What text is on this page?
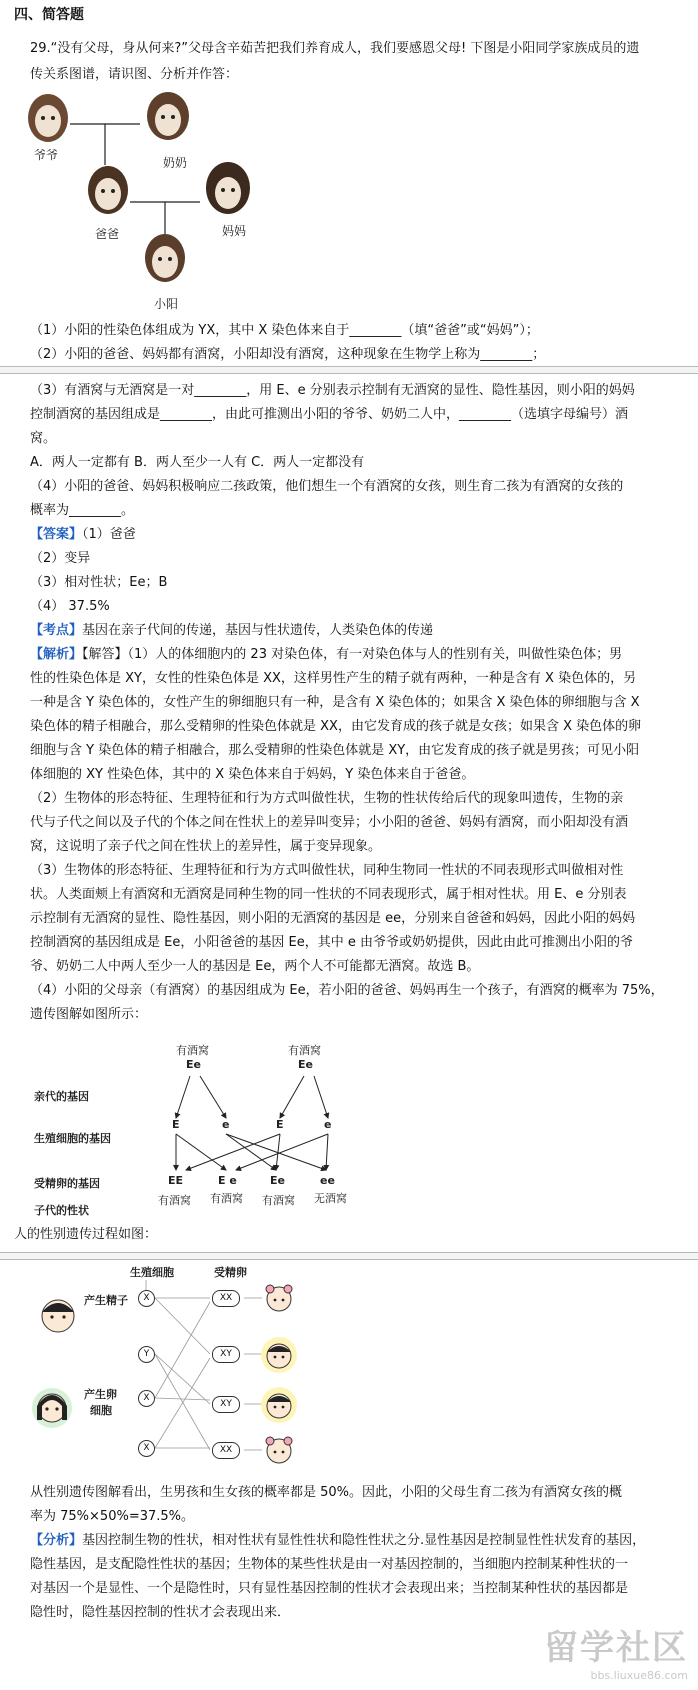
四、简答题
29.“没有父母，身从何来?”父母含辛茹苦把我们养育成人，我们要感恩父母! 下图是小阳同学家族成员的遗
传关系图谱，请识图、分析并作答：
爷爷
奶奶
爸爸	妈妈
小阳
（1）小阳的性染色体组成为 YX，其中 X 染色体来自于________（填“爸爸”或“妈妈”）；
（2）小阳的爸爸、妈妈都有酒窝，小阳却没有酒窝，这种现象在生物学上称为________；
（3）有酒窝与无酒窝是一对________，用 E、e 分别表示控制有无酒窝的显性、隐性基因，则小阳的妈妈
控制酒窝的基因组成是________，由此可推测出小阳的爷爷、奶奶二人中，________（选填字母编号）酒
窝。
A．两人一定都有 B．两人至少一人有 C．两人一定都没有
（4）小阳的爸爸、妈妈积极响应二孩政策，他们想生一个有酒窝的女孩，则生育二孩为有酒窝的女孩的
概率为________。
【答案】（1）爸爸
（2）变异
（3）相对性状；Ee；B
（4） 37.5%
【考点】基因在亲子代间的传递，基因与性状遗传，人类染色体的传递
【解析】【解答】（1）人的体细胞内的 23 对染色体，有一对染色体与人的性别有关，叫做性染色体；男
性的性染色体是 XY，女性的性染色体是 XX，这样男性产生的精子就有两种，一种是含有 X 染色体的，另
一种是含 Y 染色体的，女性产生的卵细胞只有一种，是含有 X 染色体的；如果含 X 染色体的卵细胞与含 X
染色体的精子相融合，那么受精卵的性染色体就是 XX，由它发育成的孩子就是女孩；如果含 X 染色体的卵
细胞与含 Y 染色体的精子相融合，那么受精卵的性染色体就是 XY，由它发育成的孩子就是男孩；可见小阳
体细胞的 XY 性染色体，其中的 X 染色体来自于妈妈，Y 染色体来自于爸爸。
（2）生物体的形态特征、生理特征和行为方式叫做性状，生物的性状传给后代的现象叫遗传，生物的亲
代与子代之间以及子代的个体之间在性状上的差异叫变异；小小阳的爸爸、妈妈有酒窝，而小阳却没有酒
窝，这说明了亲子代之间在性状上的差异性，属于变异现象。
（3）生物体的形态特征、生理特征和行为方式叫做性状，同种生物同一性状的不同表现形式叫做相对性
状。人类面颊上有酒窝和无酒窝是同种生物的同一性状的不同表现形式，属于相对性状。用 E、e 分别表
示控制有无酒窝的显性、隐性基因，则小阳的无酒窝的基因是 ee，分别来自爸爸和妈妈，因此小阳的妈妈
控制酒窝的基因组成是 Ee，小阳爸爸的基因 Ee，其中 e 由爷爷或奶奶提供，因此由此可推测出小阳的爷
爷、奶奶二人中两人至少一人的基因是 Ee，两个人不可能都无酒窝。故选 B。
（4）小阳的父母亲（有酒窝）的基因组成为 Ee，若小阳的爸爸、妈妈再生一个孩子，有酒窝的概率为 75%，
遗传图解如图所示：
亲代的基因
生殖细胞的基因
受精卵的基因
子代的性状
有酒窝	有酒窝
Ee	Ee
E	e	E	e
EE	E e	Ee	ee
有酒窝 有酒窝 有酒窝 无酒窝
人的性别遗传过程如图：
生殖细胞	受精卵
产生精子
产生卵
细胞
X
Y
X
X
XX
XY
XY
XX
从性别遗传图解看出，生男孩和生女孩的概率都是 50%。因此，小阳的父母生育二孩为有酒窝女孩的概
率为 75%×50%=37.5%。
【分析】基因控制生物的性状，相对性状有显性性状和隐性性状之分.显性基因是控制显性性状发育的基因，
隐性基因，是支配隐性性状的基因；生物体的某些性状是由一对基因控制的，当细胞内控制某种性状的一
对基因一个是显性、一个是隐性时，只有显性基因控制的性状才会表现出来；当控制某种性状的基因都是
隐性时，隐性基因控制的性状才会表现出来．
留学社区
bbs.liuxue86.com
